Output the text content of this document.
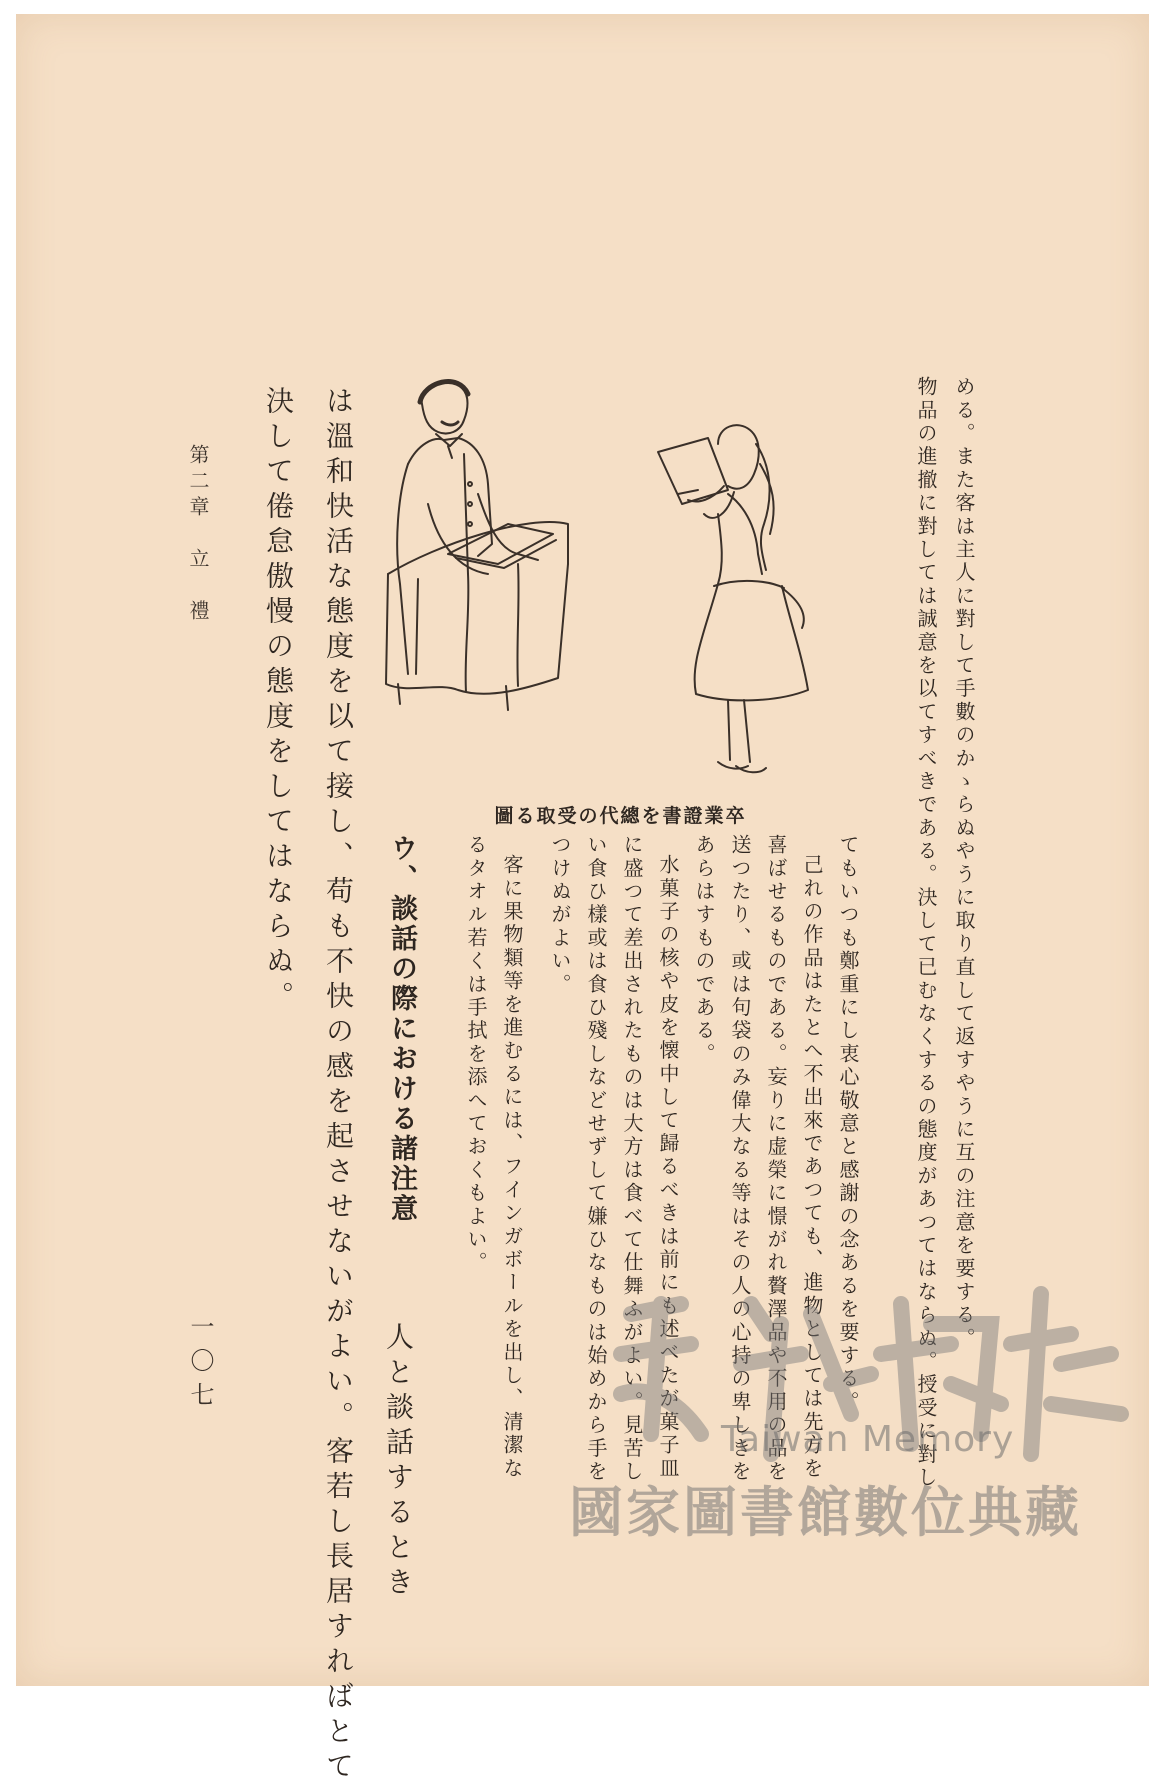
める。また客は主人に對して手數のかゝらぬやうに取り直して返すやうに互の注意を要する。
物品の進撤に對しては誠意を以てすべきである。決して已むなくするの態度があつてはならぬ。授受に對し
てもいつも鄭重にし衷心敬意と感謝の念あるを要する。
己れの作品はたとへ不出來であつても、進物としては先方を
喜ばせるものである。妄りに虚榮に憬がれ贅澤品や不用の品を
送つたり、或は句袋のみ偉大なる等はその人の心持の卑しきを
あらはすものである。
水菓子の核や皮を懐中して歸るべきは前にも述べたが菓子皿
に盛つて差出されたものは大方は食べて仕舞ふがよい。見苦し
い食ひ樣或は食ひ殘しなどせずして嫌ひなものは始めから手を
つけぬがよい。
客に果物類等を進むるには、フインガボールを出し、清潔な
るタオル若くは手拭を添へておくもよい。
ウ、談話の際における諸注意
人と談話するとき
は溫和快活な態度を以て接し、苟も不快の感を起させないがよい。客若し長居すればとて
決して倦怠傲慢の態度をしてはならぬ。
第二章　立　禮
一〇七
卒業證書を總代の受取る圖
Taiwan Memory
國家圖書館數位典藏
